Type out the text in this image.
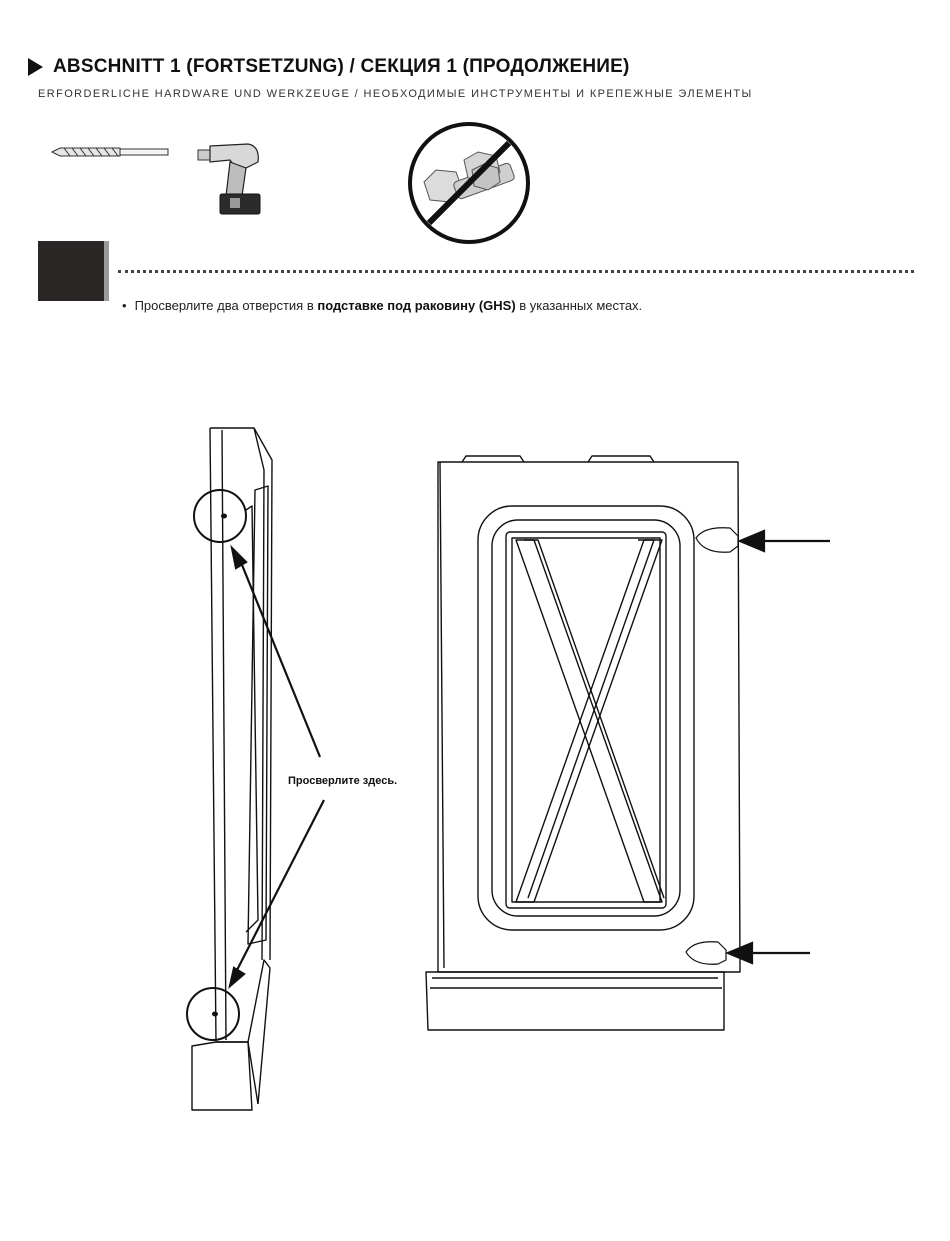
ABSCHNITT 1 (FORTSETZUNG) / СЕКЦИЯ 1 (ПРОДОЛЖЕНИЕ)
ERFORDERLICHE HARDWARE UND WERKZEUGE / НЕОБХОДИМЫЕ ИНСТРУМЕНТЫ И КРЕПЕЖНЫЕ ЭЛЕМЕНТЫ
• Просверлите два отверстия в подставке под раковину (GHS) в указанных местах.
Просверлите здесь.
